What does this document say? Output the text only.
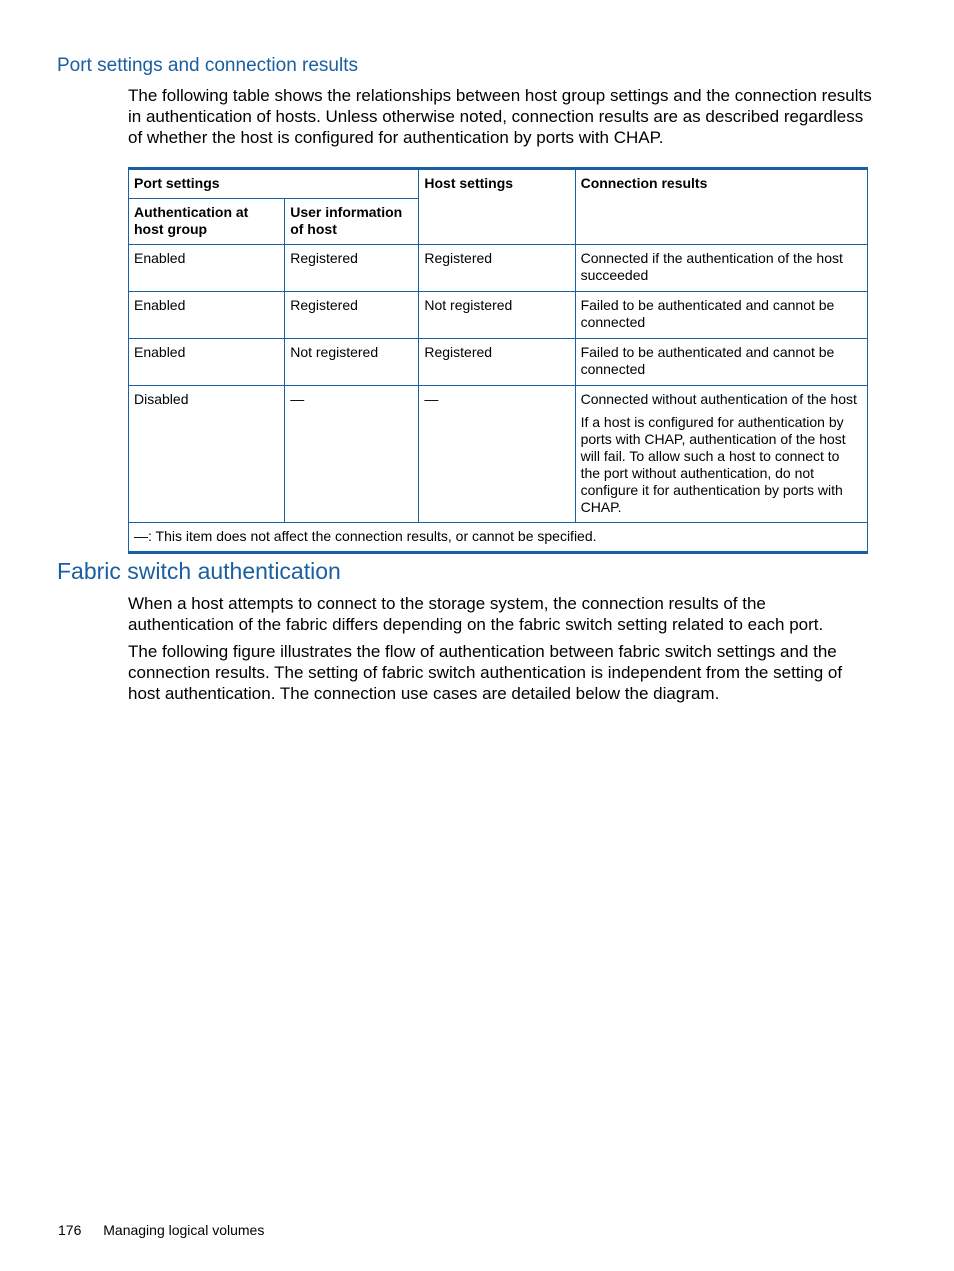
Port settings and connection results

The following table shows the relationships between host group settings and the connection results in authentication of hosts. Unless otherwise noted, connection results are as described regardless of whether the host is configured for authentication by ports with CHAP.

Port settings		Host settings	Connection results
Authentication at host group	User information of host		
Enabled	Registered	Registered	Connected if the authentication of the host succeeded
Enabled	Registered	Not registered	Failed to be authenticated and cannot be connected
Enabled	Not registered	Registered	Failed to be authenticated and cannot be connected
Disabled	—	—	Connected without authentication of the host
If a host is configured for authentication by ports with CHAP, authentication of the host will fail. To allow such a host to connect to the port without authentication, do not configure it for authentication by ports with CHAP.

—: This item does not affect the connection results, or cannot be specified.			
Fabric switch authentication

When a host attempts to connect to the storage system, the connection results of the authentication of the fabric differs depending on the fabric switch setting related to each port.

The following figure illustrates the flow of authentication between fabric switch settings and the connection results. The setting of fabric switch authentication is independent from the setting of host authentication. The connection use cases are detailed below the diagram.

176 Managing logical volumes
